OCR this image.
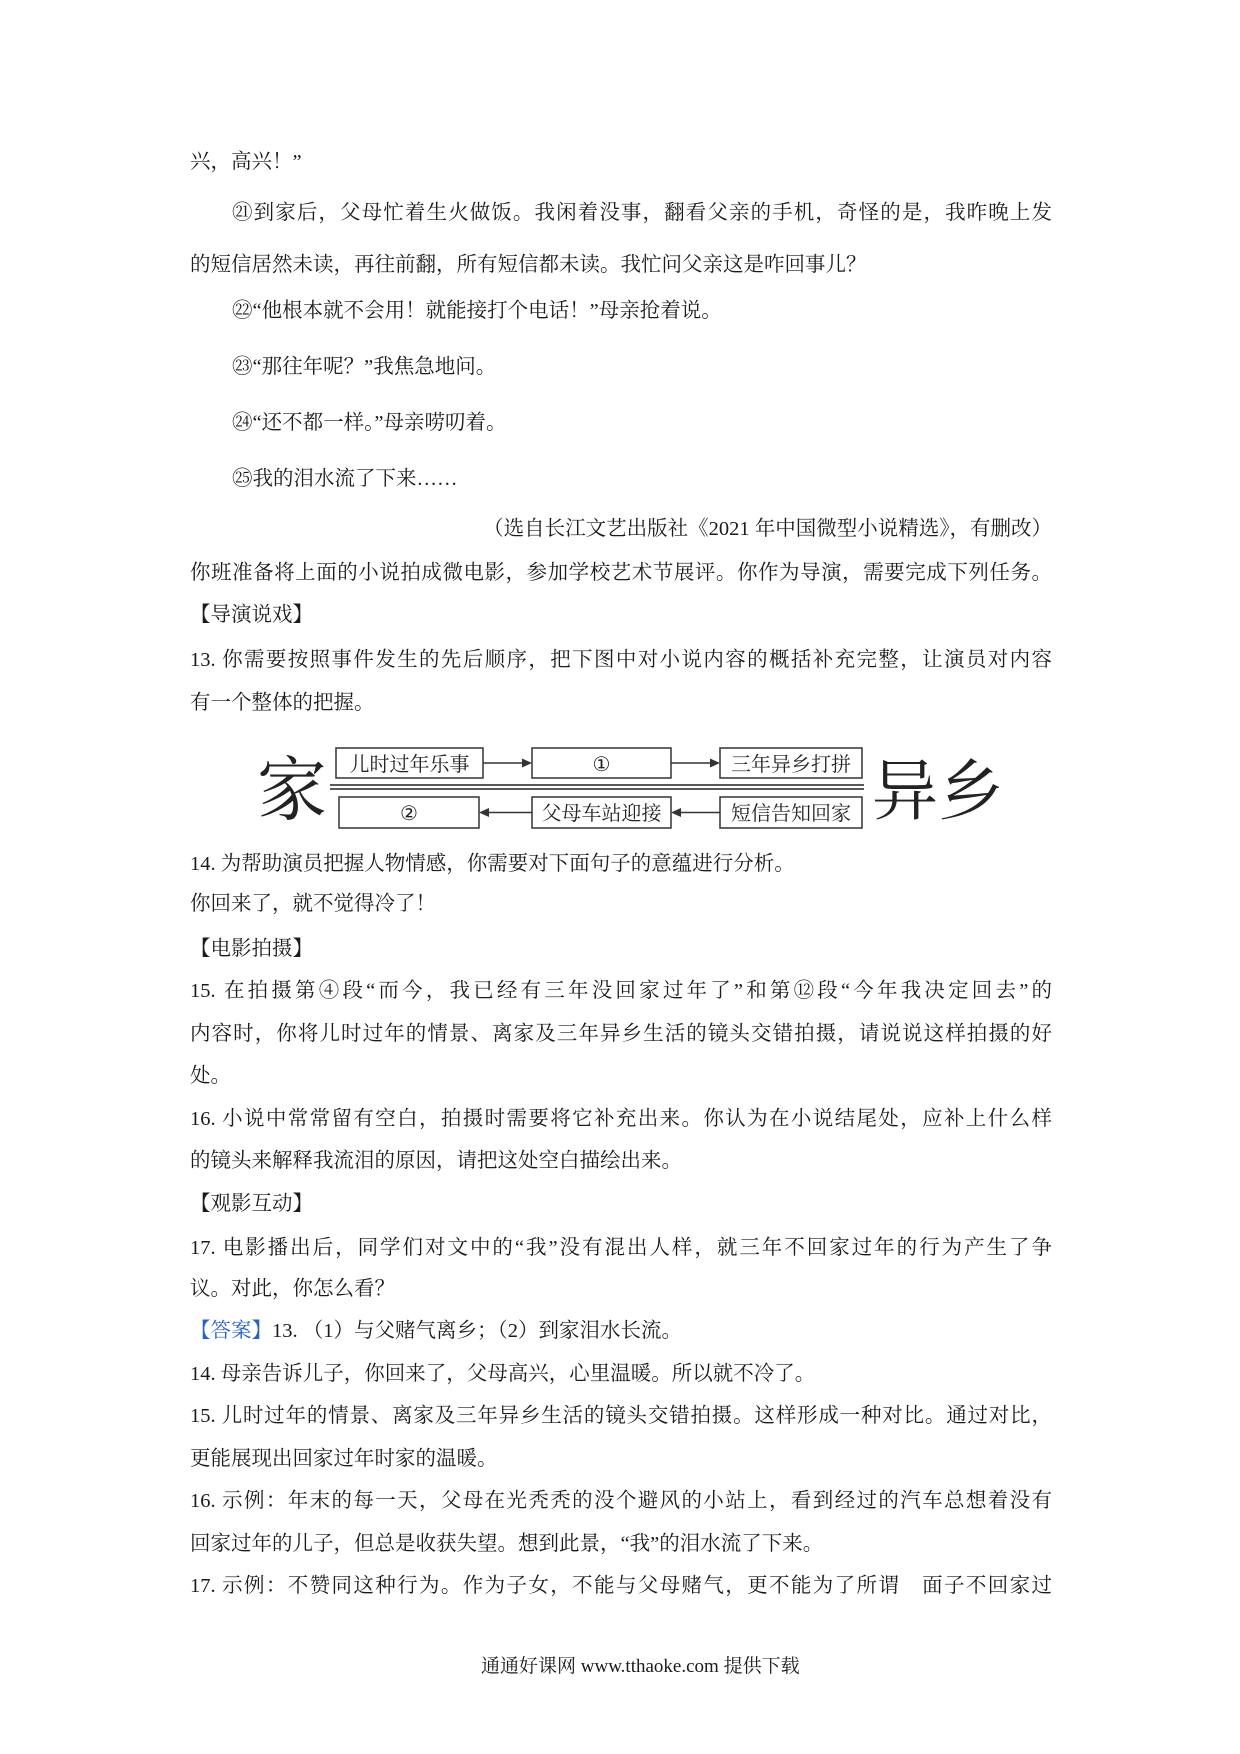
兴，高兴！”
㉑到家后，父母忙着生火做饭。我闲着没事，翻看父亲的手机，奇怪的是，我昨晚上发
的短信居然未读，再往前翻，所有短信都未读。我忙问父亲这是咋回事儿？
㉒“他根本就不会用！就能接打个电话！”母亲抢着说。
㉓“那往年呢？”我焦急地问。
㉔“还不都一样。”母亲唠叨着。
㉕我的泪水流了下来……
（选自长江文艺出版社《2021 年中国微型小说精选》，有删改）
你班准备将上面的小说拍成微电影，参加学校艺术节展评。你作为导演，需要完成下列任务。
【导演说戏】
13. 你需要按照事件发生的先后顺序，把下图中对小说内容的概括补充完整，让演员对内容
有一个整体的把握。
家	异乡
儿时过年乐事	①	三年异乡打拼
②	父母车站迎接	短信告知回家
14. 为帮助演员把握人物情感，你需要对下面句子的意蕴进行分析。
你回来了，就不觉得冷了！
【电影拍摄】
15. 在拍摄第④段“而今，我已经有三年没回家过年了”和第⑫段“今年我决定回去”的
内容时，你将儿时过年的情景、离家及三年异乡生活的镜头交错拍摄，请说说这样拍摄的好
处。
16. 小说中常常留有空白，拍摄时需要将它补充出来。你认为在小说结尾处，应补上什么样
的镜头来解释我流泪的原因，请把这处空白描绘出来。
【观影互动】
17. 电影播出后，同学们对文中的“我”没有混出人样，就三年不回家过年的行为产生了争
议。对此，你怎么看？
【答案】13. （1）与父赌气离乡；（2）到家泪水长流。
14. 母亲告诉儿子，你回来了，父母高兴，心里温暖。所以就不冷了。
15. 儿时过年的情景、离家及三年异乡生活的镜头交错拍摄。这样形成一种对比。通过对比，
更能展现出回家过年时家的温暖。
16. 示例：年末的每一天，父母在光秃秃的没个避风的小站上，看到经过的汽车总想着没有
回家过年的儿子，但总是收获失望。想到此景，“我”的泪水流了下来。
17. 示例：不赞同这种行为。作为子女，不能与父母赌气，更不能为了所谓　面子不回家过
通通好课网 www.tthaoke.com 提供下载
